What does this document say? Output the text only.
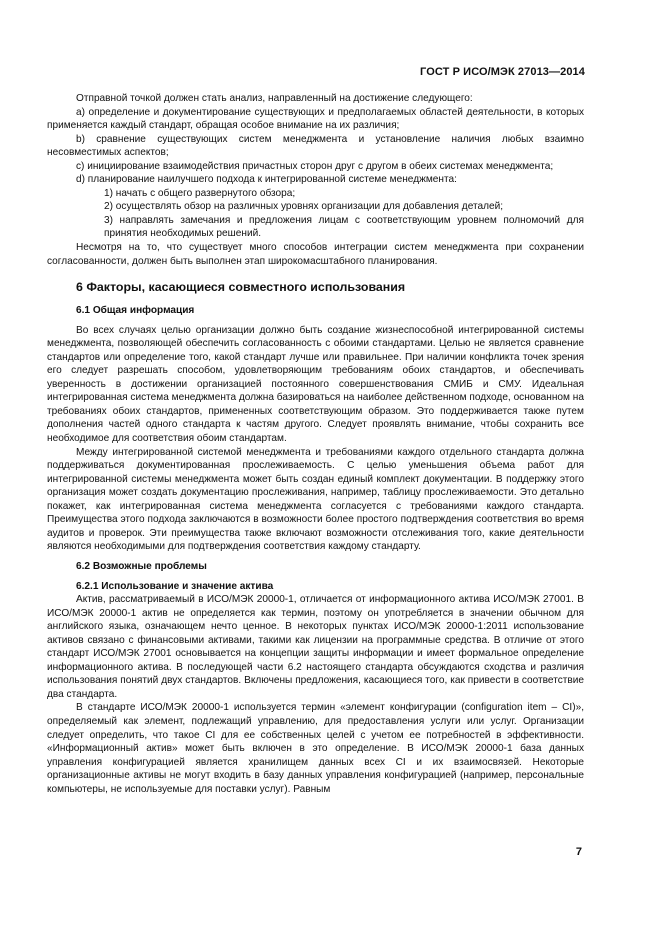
ГОСТ Р ИСО/МЭК 27013—2014

Отправной точкой должен стать анализ, направленный на достижение следующего:

a) определение и документирование существующих и предполагаемых областей деятельности, в которых применяется каждый стандарт, обращая особое внимание на их различия;

b) сравнение существующих систем менеджмента и установление наличия любых взаимно несовместимых аспектов;

c) инициирование взаимодействия причастных сторон друг с другом в обеих системах менеджмента;

d) планирование наилучшего подхода к интегрированной системе менеджмента:

1) начать с общего развернутого обзора;

2) осуществлять обзор на различных уровнях организации для добавления деталей;

3) направлять замечания и предложения лицам с соответствующим уровнем полномочий для принятия необходимых решений.

Несмотря на то, что существует много способов интеграции систем менеджмента при сохранении согласованности, должен быть выполнен этап широкомасштабного планирования.

6 Факторы, касающиеся совместного использования

6.1 Общая информация

Во всех случаях целью организации должно быть создание жизнеспособной интегрированной системы менеджмента, позволяющей обеспечить согласованность с обоими стандартами. Целью не является сравнение стандартов или определение того, какой стандарт лучше или правильнее. При наличии конфликта точек зрения его следует разрешать способом, удовлетворяющим требованиям обоих стандартов, и обеспечивать уверенность в достижении организацией постоянного совершенствования СМИБ и СМУ. Идеальная интегрированная система менеджмента должна базироваться на наиболее действенном подходе, основанном на требованиях обоих стандартов, примененных соответствующим образом. Это поддерживается также путем дополнения частей одного стандарта к частям другого. Следует проявлять внимание, чтобы сохранить все необходимое для соответствия обоим стандартам.

Между интегрированной системой менеджмента и требованиями каждого отдельного стандарта должна поддерживаться документированная прослеживаемость. С целью уменьшения объема работ для интегрированной системы менеджмента может быть создан единый комплект документации. В поддержку этого организация может создать документацию прослеживания, например, таблицу прослеживаемости. Это детально покажет, как интегрированная система менеджмента согласуется с требованиями каждого стандарта. Преимущества этого подхода заключаются в возможности более простого подтверждения соответствия во время аудитов и проверок. Эти преимущества также включают возможности отслеживания того, какие деятельности являются необходимыми для подтверждения соответствия каждому стандарту.

6.2 Возможные проблемы

6.2.1 Использование и значение актива

Актив, рассматриваемый в ИСО/МЭК 20000-1, отличается от информационного актива ИСО/МЭК 27001. В ИСО/МЭК 20000-1 актив не определяется как термин, поэтому он употребляется в значении обычном для английского языка, означающем нечто ценное. В некоторых пунктах ИСО/МЭК 20000-1:2011 использование активов связано с финансовыми активами, такими как лицензии на программные средства. В отличие от этого стандарт ИСО/МЭК 27001 основывается на концепции защиты информации и имеет формальное определение информационного актива. В последующей части 6.2 настоящего стандарта обсуждаются сходства и различия использования понятий двух стандартов. Включены предложения, касающиеся того, как привести в соответствие два стандарта.

В стандарте ИСО/МЭК 20000-1 используется термин «элемент конфигурации (configuration item – CI)», определяемый как элемент, подлежащий управлению, для предоставления услуги или услуг. Организации следует определить, что такое CI для ее собственных целей с учетом ее потребностей в эффективности. «Информационный актив» может быть включен в это определение. В ИСО/МЭК 20000-1 база данных управления конфигурацией является хранилищем данных всех CI и их взаимосвязей. Некоторые организационные активы не могут входить в базу данных управления конфигурацией (например, персональные компьютеры, не используемые для поставки услуг). Равным

7
